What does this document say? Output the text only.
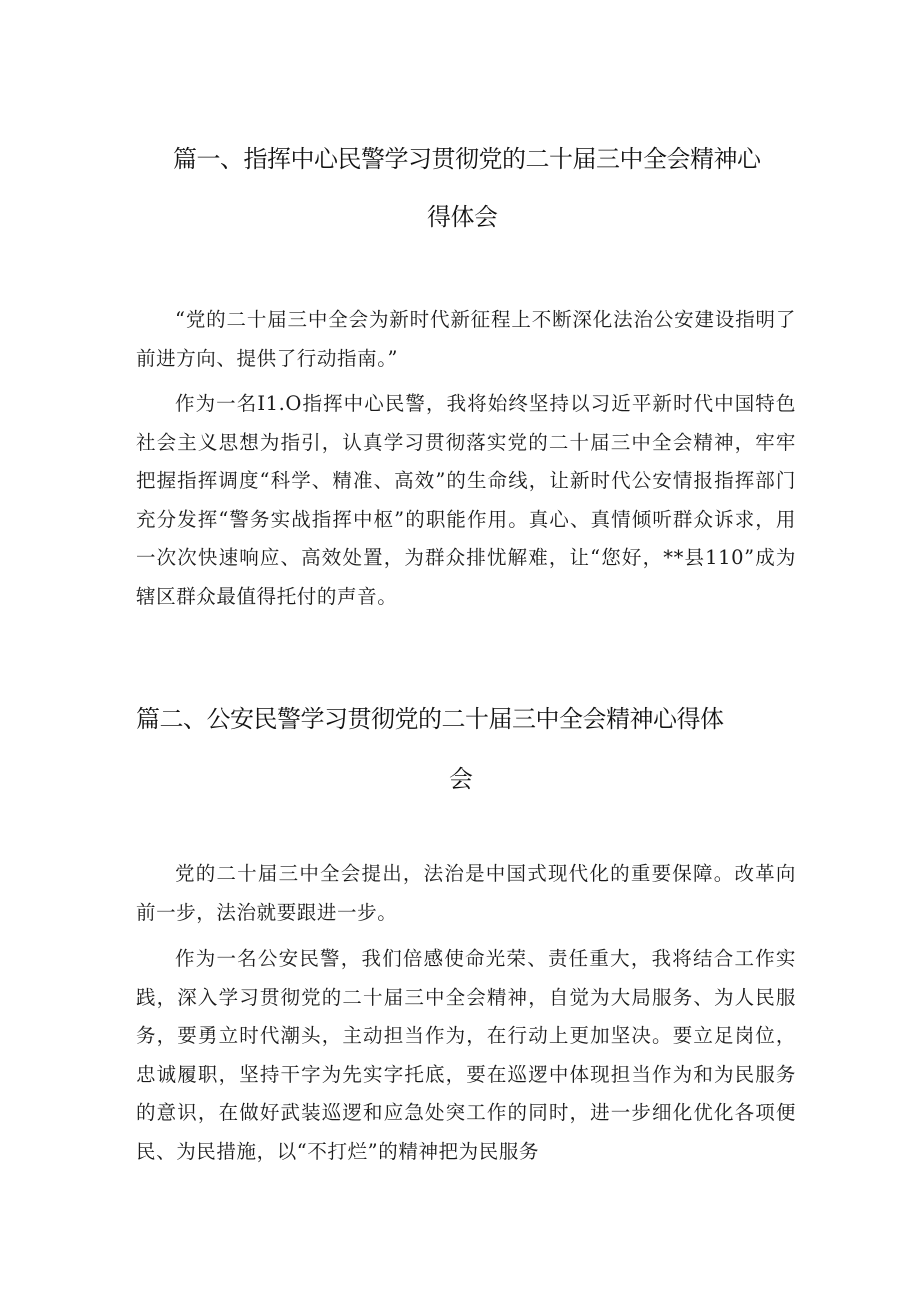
篇一、指挥中心民警学习贯彻党的二十届三中全会精神心
得体会

“党的二十届三中全会为新时代新征程上不断深化法治公安建设指明了前进方向、提供了行动指南。”

作为一名I1.O指挥中心民警，我将始终坚持以习近平新时代中国特色社会主义思想为指引，认真学习贯彻落实党的二十届三中全会精神，牢牢把握指挥调度“科学、精准、高效”的生命线，让新时代公安情报指挥部门充分发挥“警务实战指挥中枢”的职能作用。真心、真情倾听群众诉求，用一次次快速响应、高效处置，为群众排忧解难，让“您好，**县110”成为辖区群众最值得托付的声音。

篇二、公安民警学习贯彻党的二十届三中全会精神心得体
会

党的二十届三中全会提出，法治是中国式现代化的重要保障。改革向前一步，法治就要跟进一步。

作为一名公安民警，我们倍感使命光荣、责任重大，我将结合工作实践，深入学习贯彻党的二十届三中全会精神，自觉为大局服务、为人民服务，要勇立时代潮头，主动担当作为，在行动上更加坚决。要立足岗位，忠诚履职，坚持干字为先实字托底，要在巡逻中体现担当作为和为民服务的意识，在做好武装巡逻和应急处突工作的同时，进一步细化优化各项便民、为民措施，以“不打烂”的精神把为民服务
